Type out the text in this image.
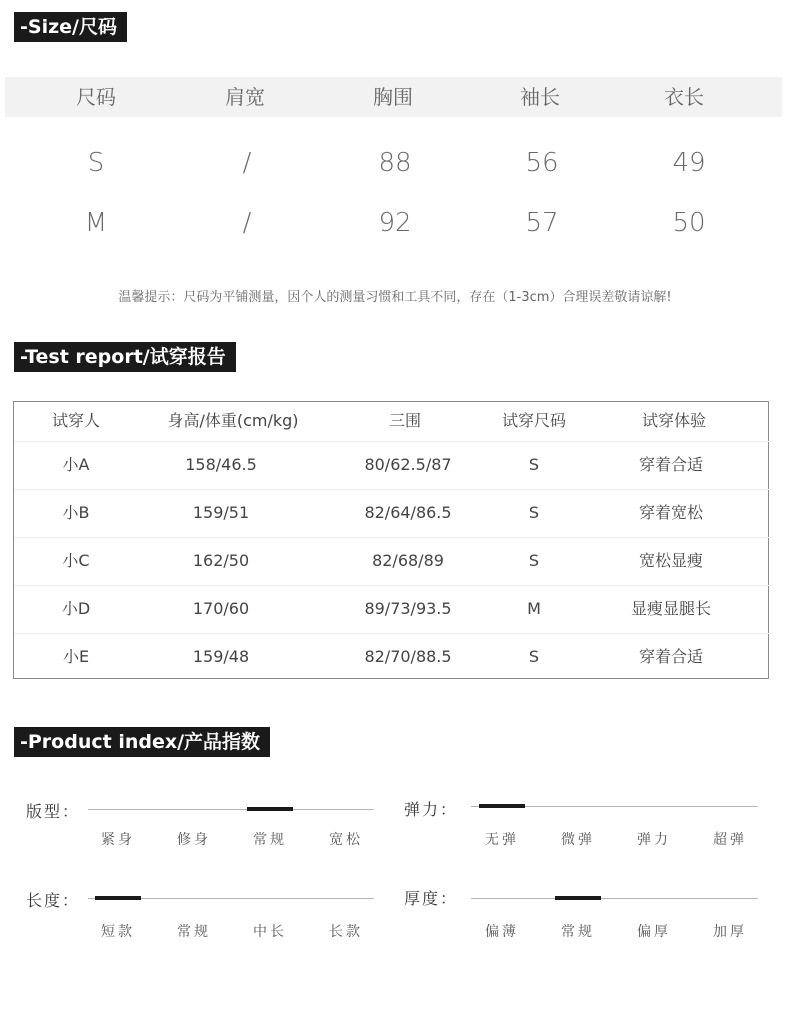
-Size/尺码
尺码	肩宽	胸围	袖长	衣长
S	/	88	56	49
M	/	92	57	50
温馨提示：尺码为平铺测量，因个人的测量习惯和工具不同，存在（1-3cm）合理误差敬请谅解!
-Test report/试穿报告
试穿人	身高/体重(cm/kg)	三围	试穿尺码	试穿体验
小A	158/46.5	80/62.5/87	S	穿着合适
小B	159/51	82/64/86.5	S	穿着宽松
小C	162/50	82/68/89	S	宽松显瘦
小D	170/60	89/73/93.5	M	显瘦显腿长
小E	159/48	82/70/88.5	S	穿着合适
-Product index/产品指数
版型：
紧身	修身	常规	宽松
弹力：
无弹	微弹	弹力	超弹
长度：
短款	常规	中长	长款
厚度：
偏薄	常规	偏厚	加厚
